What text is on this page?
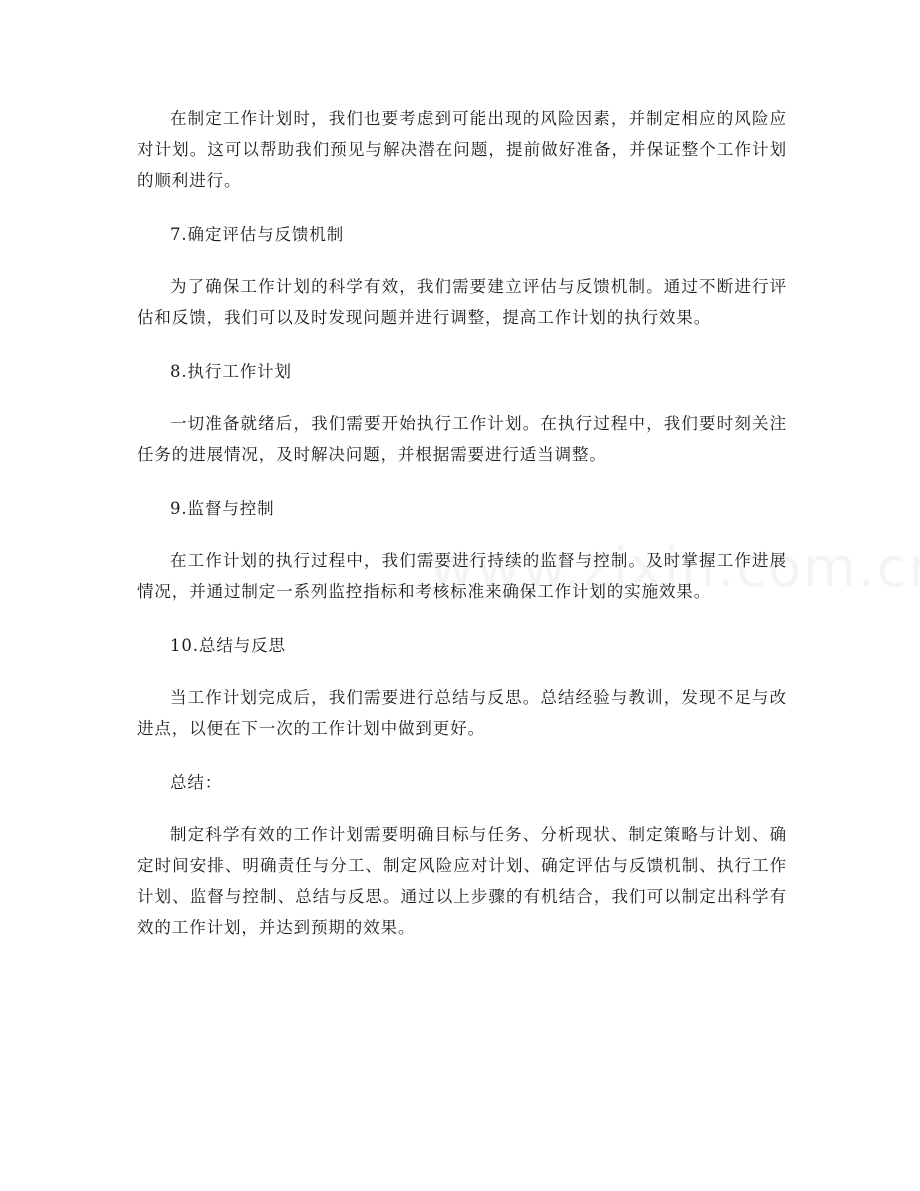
在制定工作计划时，我们也要考虑到可能出现的风险因素，并制定相应的风险应对计划。这可以帮助我们预见与解决潜在问题，提前做好准备，并保证整个工作计划的顺利进行。

7.确定评估与反馈机制

为了确保工作计划的科学有效，我们需要建立评估与反馈机制。通过不断进行评估和反馈，我们可以及时发现问题并进行调整，提高工作计划的执行效果。

8.执行工作计划

一切准备就绪后，我们需要开始执行工作计划。在执行过程中，我们要时刻关注任务的进展情况，及时解决问题，并根据需要进行适当调整。

9.监督与控制

在工作计划的执行过程中，我们需要进行持续的监督与控制。及时掌握工作进展情况，并通过制定一系列监控指标和考核标准来确保工作计划的实施效果。

10.总结与反思

当工作计划完成后，我们需要进行总结与反思。总结经验与教训，发现不足与改进点，以便在下一次的工作计划中做到更好。

总结：

制定科学有效的工作计划需要明确目标与任务、分析现状、制定策略与计划、确定时间安排、明确责任与分工、制定风险应对计划、确定评估与反馈机制、执行工作计划、监督与控制、总结与反思。通过以上步骤的有机结合，我们可以制定出科学有效的工作计划，并达到预期的效果。
